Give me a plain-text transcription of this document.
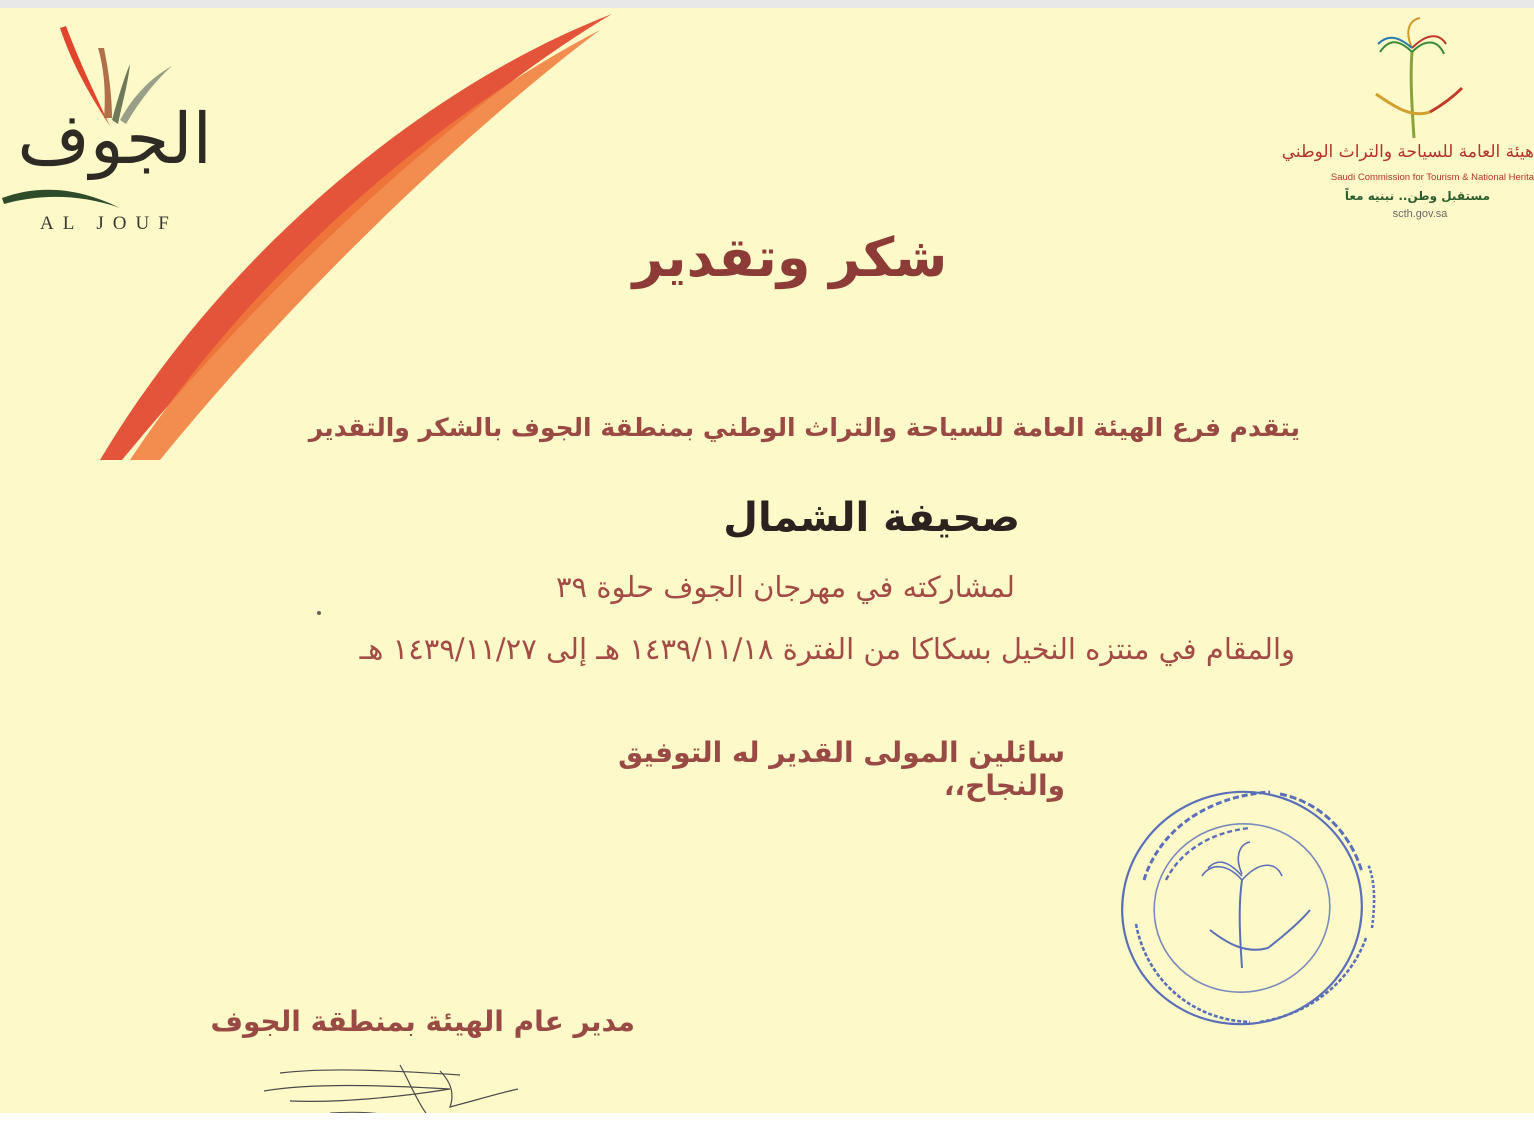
الجوف
AL JOUF
هيئة العامة للسياحة والتراث الوطني
Saudi Commission for Tourism & National Herita
مستقبل وطن.. نبنيه معاً
scth.gov.sa
شكر وتقدير
يتقدم فرع الهيئة العامة للسياحة والتراث الوطني بمنطقة الجوف بالشكر والتقدير
صحيفة الشمال
لمشاركته في مهرجان الجوف حلوة ٣٩
والمقام في منتزه النخيل بسكاكا من الفترة ١٤٣٩/١١/١٨ هـ إلى ١٤٣٩/١١/٢٧ هـ
سائلين المولى القدير له التوفيق والنجاح،،
مدير عام الهيئة بمنطقة الجوف
